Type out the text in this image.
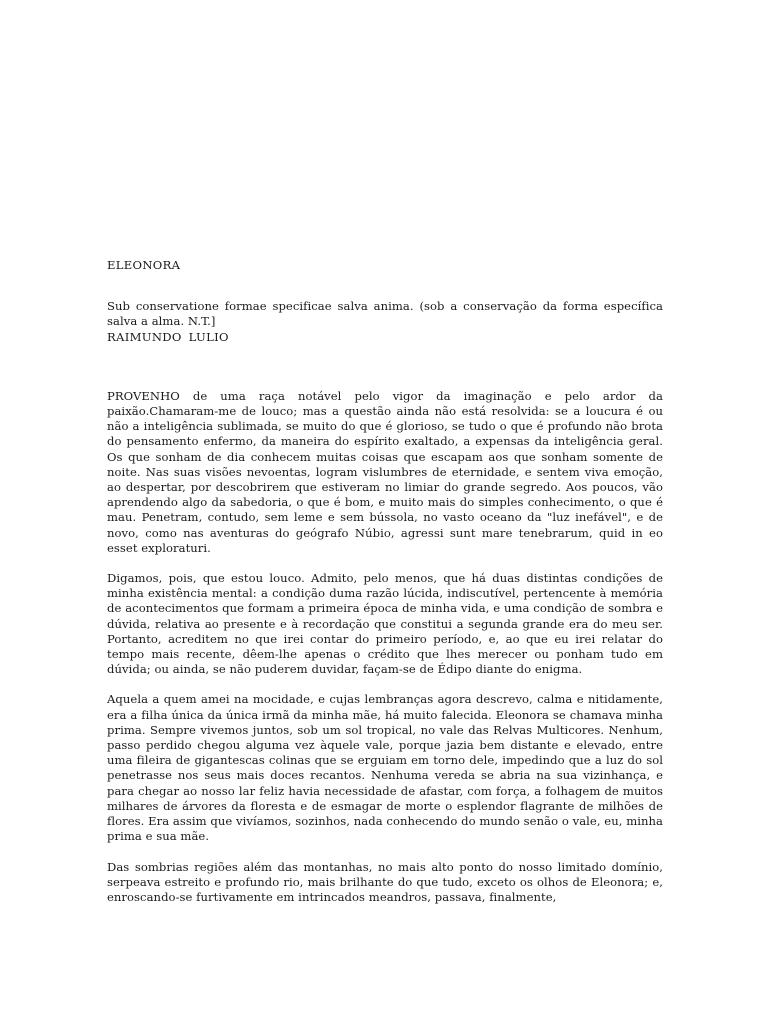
ELEONORA
Sub conservatione formae specificae salva anima. (sob a conservação da forma específica salva a alma. N.T.]
RAIMUNDO LULIO

PROVENHO de uma raça notável pelo vigor da imaginação e pelo ardor da paixão.Chamaram-me de louco; mas a questão ainda não está resolvida: se a loucura é ou não a inteligência sublimada, se muito do que é glorioso, se tudo o que é profundo não brota do pensamento enfermo, da maneira do espírito exaltado, a expensas da inteligência geral. Os que sonham de dia conhecem muitas coisas que escapam aos que sonham somente de noite. Nas suas visões nevoentas, logram vislumbres de eternidade, e sentem viva emoção, ao despertar, por descobrirem que estiveram no limiar do grande segredo. Aos poucos, vão aprendendo algo da sabedoria, o que é bom, e muito mais do simples conhecimento, o que é mau. Penetram, contudo, sem leme e sem bússola, no vasto oceano da "luz inefável", e de novo, como nas aventuras do geógrafo Núbio, agressi sunt mare tenebrarum, quid in eo esset exploraturi.

Digamos, pois, que estou louco. Admito, pelo menos, que há duas distintas condições de minha existência mental: a condição duma razão lúcida, indiscutível, pertencente à memória de acontecimentos que formam a primeira época de minha vida, e uma condição de sombra e dúvida, relativa ao presente e à recordação que constitui a segunda grande era do meu ser. Portanto, acreditem no que irei contar do primeiro período, e, ao que eu irei relatar do tempo mais recente, dêem-lhe apenas o crédito que lhes merecer ou ponham tudo em dúvida; ou ainda, se não puderem duvidar, façam-se de Édipo diante do enigma.

Aquela a quem amei na mocidade, e cujas lembranças agora descrevo, calma e nitidamente, era a filha única da única irmã da minha mãe, há muito falecida. Eleonora se chamava minha prima. Sempre vivemos juntos, sob um sol tropical, no vale das Relvas Multicores. Nenhum, passo perdido chegou alguma vez àquele vale, porque jazia bem distante e elevado, entre uma fileira de gigantescas colinas que se erguiam em torno dele, impedindo que a luz do sol penetrasse nos seus mais doces recantos. Nenhuma vereda se abria na sua vizinhança, e para chegar ao nosso lar feliz havia necessidade de afastar, com força, a folhagem de muitos milhares de árvores da floresta e de esmagar de morte o esplendor flagrante de milhões de flores. Era assim que vivíamos, sozinhos, nada conhecendo do mundo senão o vale, eu, minha prima e sua mãe.

Das sombrias regiões além das montanhas, no mais alto ponto do nosso limitado domínio, serpeava estreito e profundo rio, mais brilhante do que tudo, exceto os olhos de Eleonora; e, enroscando-se furtivamente em intrincados meandros, passava, finalmente,
